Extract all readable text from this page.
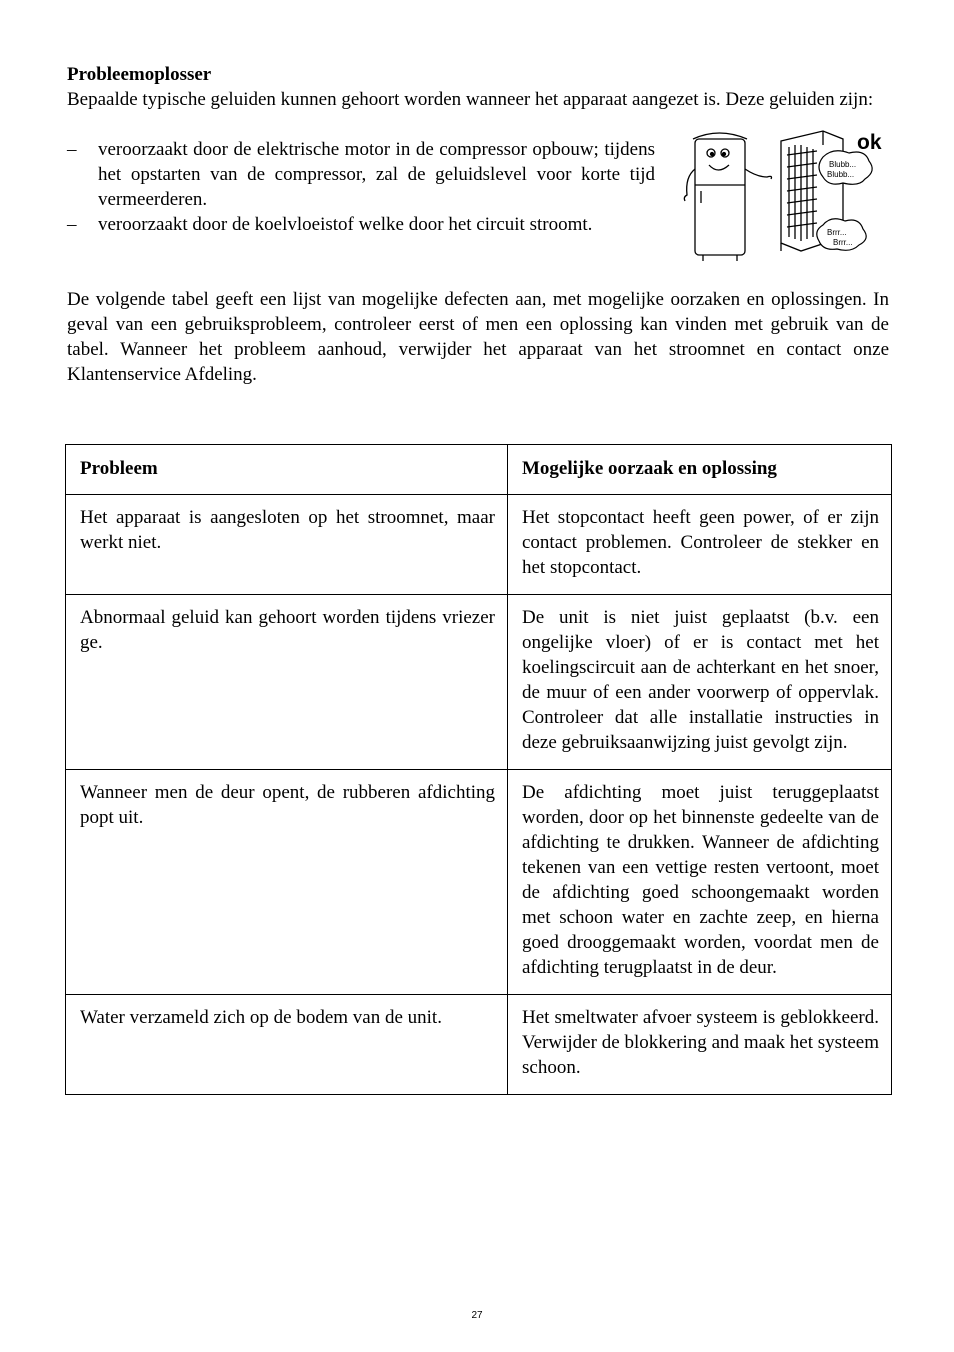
Probleemoplosser
Bepaalde typische geluiden kunnen gehoort worden wanneer het apparaat aangezet is. Deze geluiden zijn:
–	veroorzaakt door de elektrische motor in de compressor opbouw; tijdens het opstarten van de compressor, zal de geluidslevel voor korte tijd vermeerderen.
–	veroorzaakt door de koelvloeistof welke door het circuit stroomt.
ok
Blubb...
Blubb...
Brrr...
Brrr...
De volgende tabel geeft een lijst van mogelijke defecten aan, met mogelijke oorzaken en oplossingen. In geval van een gebruiksprobleem, controleer eerst of men een oplossing kan vinden met gebruik van de tabel. Wanneer het probleem aanhoud, verwijder het apparaat van het stroomnet en contact onze Klantenservice Afdeling.
Probleem	Mogelijke oorzaak en oplossing
Het apparaat is aangesloten op het stroomnet, maar werkt niet.	Het stopcontact heeft geen power, of er zijn contact problemen. Controleer de stekker en het stopcontact.
Abnormaal geluid kan gehoort worden tijdens vriezer ge.	De unit is niet juist geplaatst (b.v. een ongelijke vloer) of er is contact met het koelingscircuit aan de achterkant en het snoer, de muur of een ander voorwerp of oppervlak. Controleer dat alle installatie instructies in deze gebruiksaanwijzing juist gevolgt zijn.
Wanneer men de deur opent, de rubberen afdichting popt uit.	De afdichting moet juist teruggeplaatst worden, door op het binnenste gedeelte van de afdichting te drukken. Wanneer de afdichting tekenen van een vettige resten vertoont, moet de afdichting goed schoongemaakt worden met schoon water en zachte zeep, en hierna goed drooggemaakt worden, voordat men de afdichting terugplaatst in de deur.
Water verzameld zich op de bodem van de unit.	Het smeltwater afvoer systeem is geblokkeerd. Verwijder de blokkering and maak het systeem schoon.
27
